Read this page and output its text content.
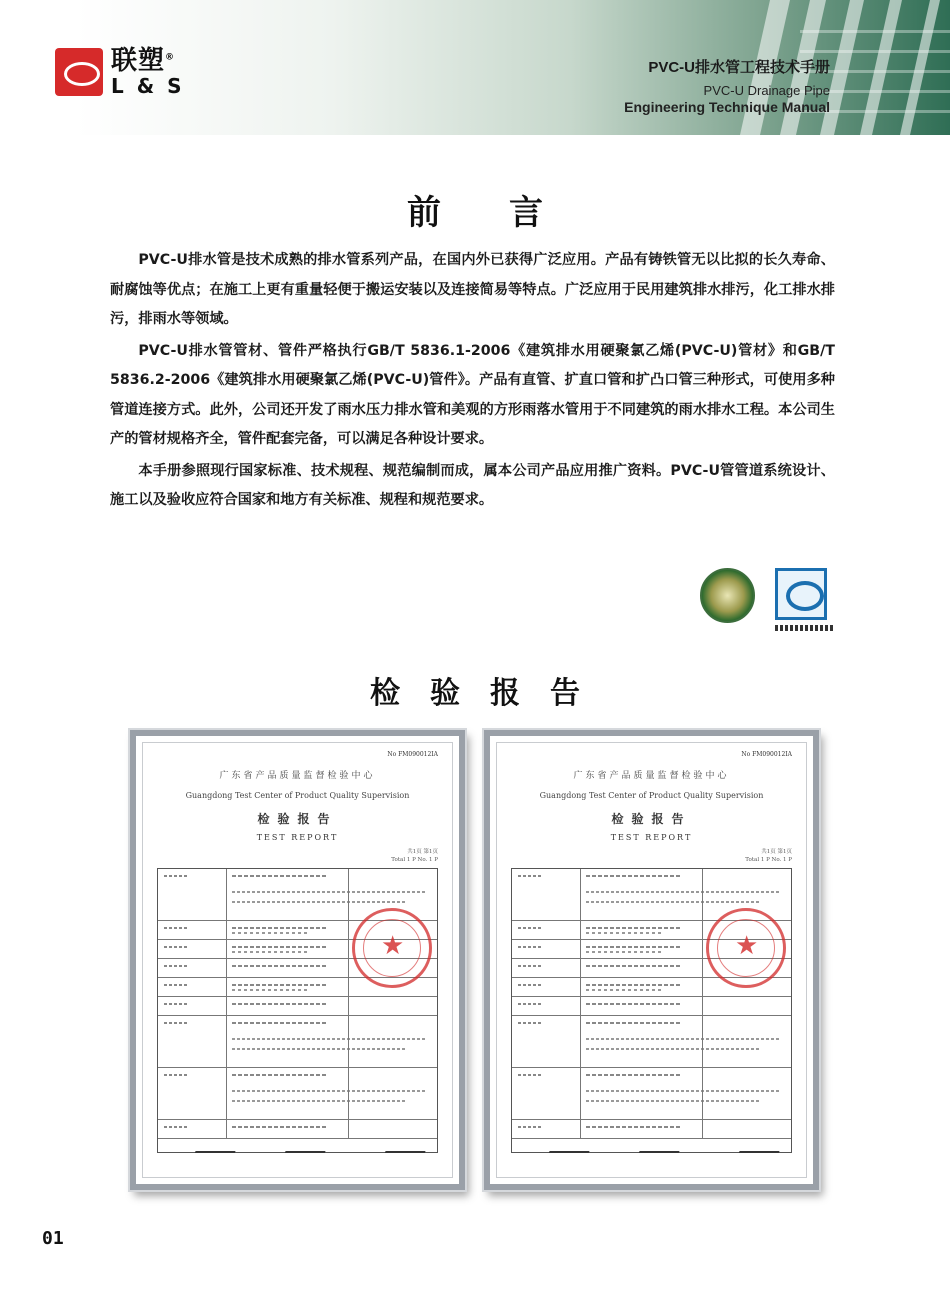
联塑®
L & S
PVC-U排水管工程技术手册
PVC-U Drainage Pipe
Engineering Technique Manual
前言

PVC-U排水管是技术成熟的排水管系列产品，在国内外已获得广泛应用。产品有铸铁管无以比拟的长久寿命、耐腐蚀等优点；在施工上更有重量轻便于搬运安装以及连接简易等特点。广泛应用于民用建筑排水排污，化工排水排污，排雨水等领域。

PVC-U排水管管材、管件严格执行GB/T 5836.1-2006《建筑排水用硬聚氯乙烯(PVC-U)管材》和GB/T 5836.2-2006《建筑排水用硬聚氯乙烯(PVC-U)管件》。产品有直管、扩直口管和扩凸口管三种形式，可使用多种管道连接方式。此外，公司还开发了雨水压力排水管和美观的方形雨落水管用于不同建筑的雨水排水工程。本公司生产的管材规格齐全，管件配套完备，可以满足各种设计要求。

本手册参照现行国家标准、技术规程、规范编制而成，属本公司产品应用推广资料。PVC-U管管道系统设计、施工以及验收应符合国家和地方有关标准、规程和规范要求。

检验报告
No FM090012IA
广东省产品质量监督检验中心
Guangdong Test Center of Product Quality Supervision
检验报告
TEST REPORT
共1页 第1页
Total 1 P No. 1 P
★
No FM090012IA
广东省产品质量监督检验中心
Guangdong Test Center of Product Quality Supervision
检验报告
TEST REPORT
共1页 第1页
Total 1 P No. 1 P
★
01
